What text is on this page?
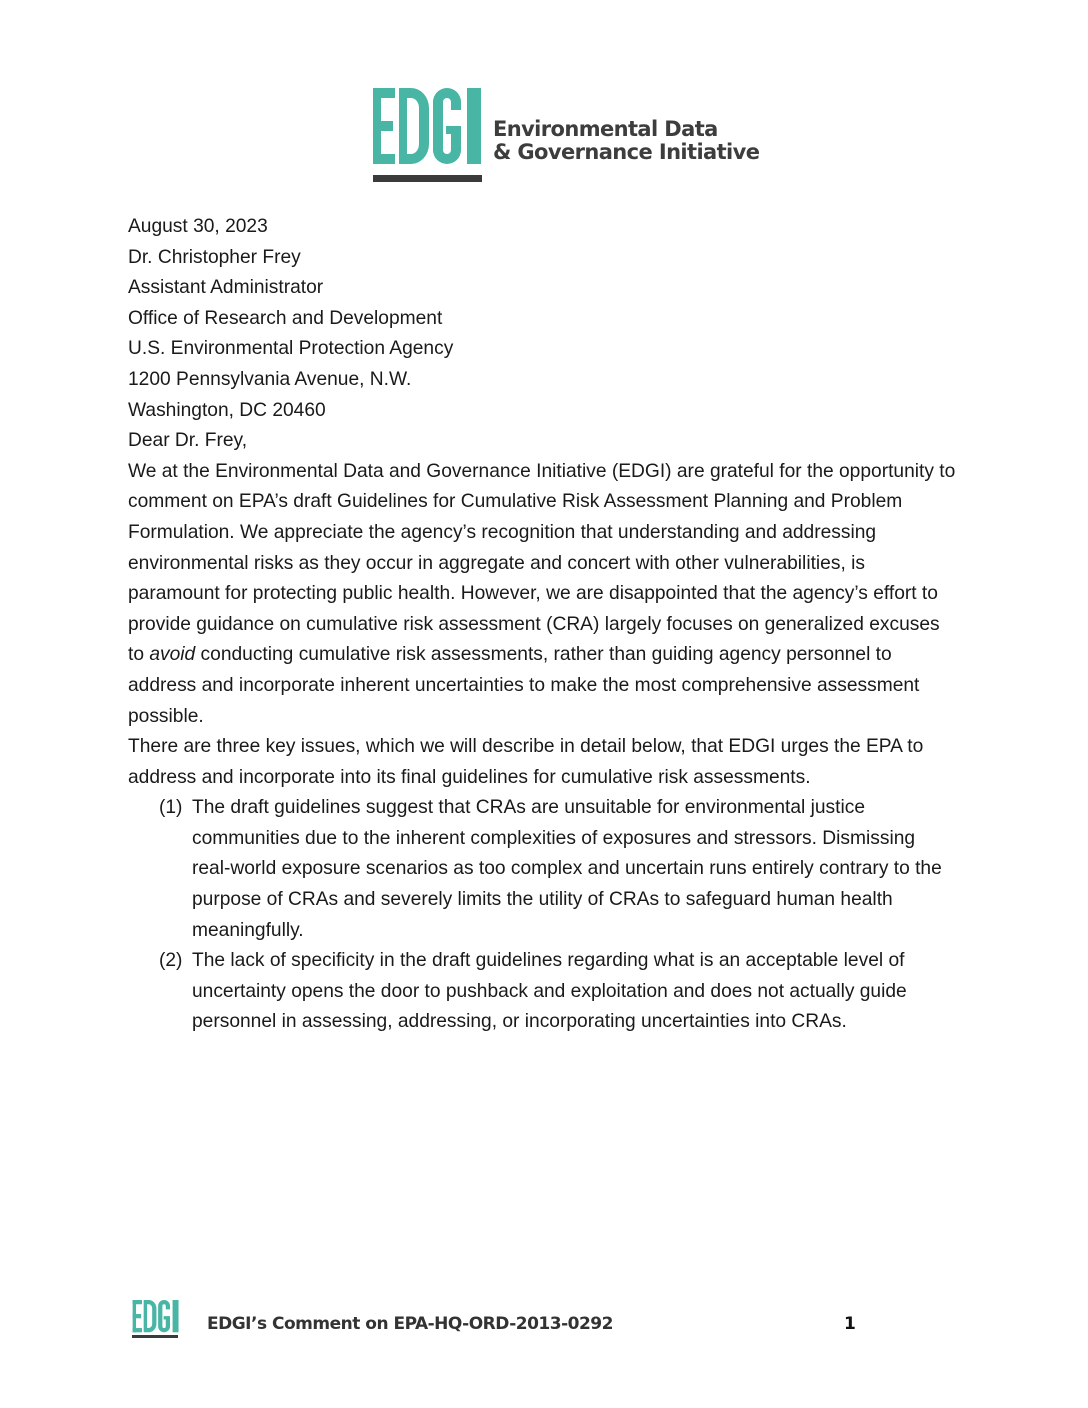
Environmental Data
& Governance Initiative

August 30, 2023

Dr. Christopher Frey
Assistant Administrator
Office of Research and Development
U.S. Environmental Protection Agency
1200 Pennsylvania Avenue, N.W.
Washington, DC 20460

Dear Dr. Frey,

We at the Environmental Data and Governance Initiative (EDGI) are grateful for the opportunity to comment on EPA’s draft Guidelines for Cumulative Risk Assessment Planning and Problem Formulation. We appreciate the agency’s recognition that understanding and addressing environmental risks as they occur in aggregate and concert with other vulnerabilities, is paramount for protecting public health. However, we are disappointed that the agency’s effort to provide guidance on cumulative risk assessment (CRA) largely focuses on generalized excuses to avoid conducting cumulative risk assessments, rather than guiding agency personnel to address and incorporate inherent uncertainties to make the most comprehensive assessment possible.

There are three key issues, which we will describe in detail below, that EDGI urges the EPA to address and incorporate into its final guidelines for cumulative risk assessments.

(1) The draft guidelines suggest that CRAs are unsuitable for environmental justice communities due to the inherent complexities of exposures and stressors. Dismissing real-world exposure scenarios as too complex and uncertain runs entirely contrary to the purpose of CRAs and severely limits the utility of CRAs to safeguard human health meaningfully.
(2) The lack of specificity in the draft guidelines regarding what is an acceptable level of uncertainty opens the door to pushback and exploitation and does not actually guide personnel in assessing, addressing, or incorporating uncertainties into CRAs.
EDGI’s Comment on EPA-HQ-ORD-2013-0292	1
